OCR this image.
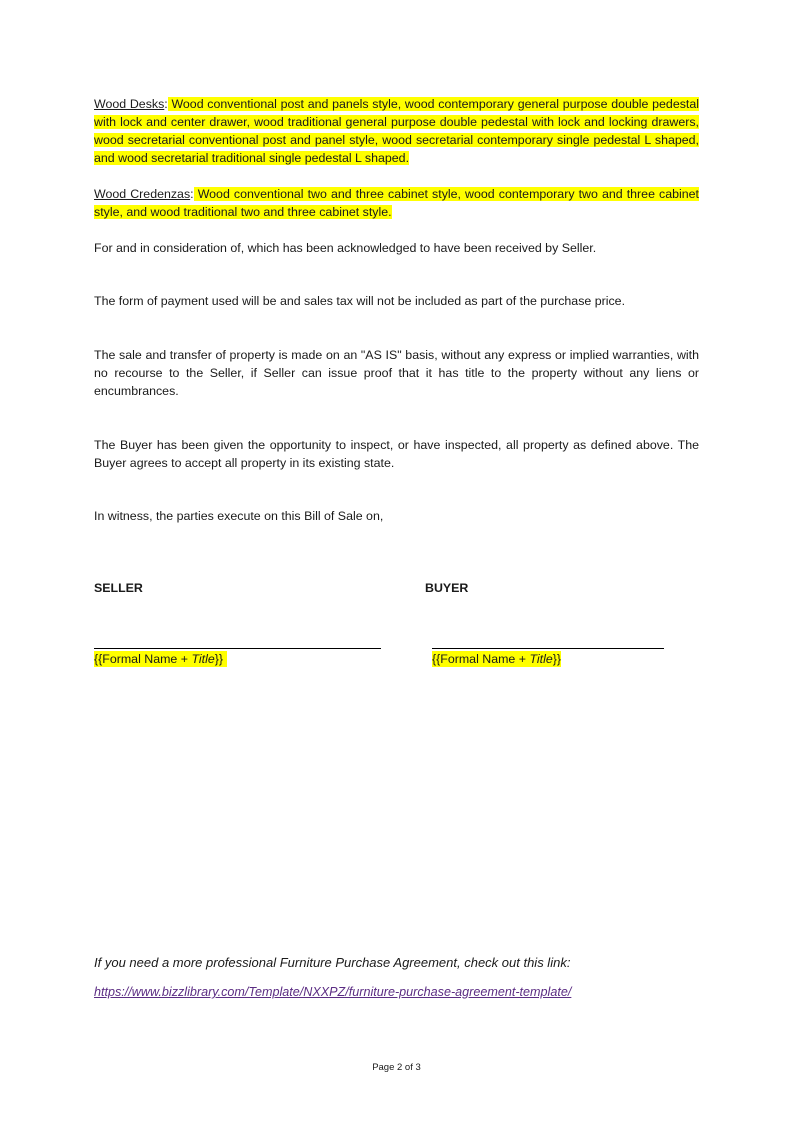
Wood Desks: Wood conventional post and panels style, wood contemporary general purpose double pedestal with lock and center drawer, wood traditional general purpose double pedestal with lock and locking drawers, wood secretarial conventional post and panel style, wood secretarial contemporary single pedestal L shaped, and wood secretarial traditional single pedestal L shaped.

Wood Credenzas: Wood conventional two and three cabinet style, wood contemporary two and three cabinet style, and wood traditional two and three cabinet style.

For and in consideration of, which has been acknowledged to have been received by Seller.

The form of payment used will be and sales tax will not be included as part of the purchase price.

The sale and transfer of property is made on an "AS IS" basis, without any express or implied warranties, with no recourse to the Seller, if Seller can issue proof that it has title to the property without any liens or encumbrances.

The Buyer has been given the opportunity to inspect, or have inspected, all property as defined above. The Buyer agrees to accept all property in its existing state.

In witness, the parties execute on this Bill of Sale on,

SELLER	BUYER
{{Formal Name + Title}}	{{Formal Name + Title}}
If you need a more professional Furniture Purchase Agreement, check out this link:
https://www.bizzlibrary.com/Template/NXXPZ/furniture-purchase-agreement-template/
Page 2 of 3
